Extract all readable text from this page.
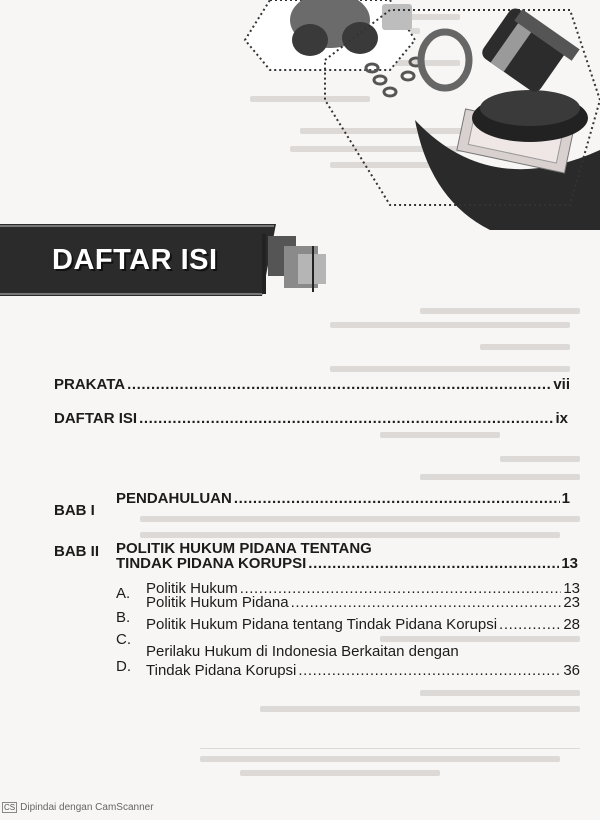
DAFTAR ISI
PRAKATA .....	vii
DAFTAR ISI .....	ix
BAB I
PENDAHULUAN .....	1
BAB II POLITIK HUKUM PIDANA TENTANG
TINDAK PIDANA KORUPSI .....	13
A. Politik Hukum .....	13
B.
Politik Hukum Pidana .....	23
C.
Politik Hukum Pidana tentang Tindak Pidana Korupsi .....	28
D.
Perilaku Hukum di Indonesia Berkaitan dengan
Tindak Pidana Korupsi .....	36
CS Dipindai dengan CamScanner
